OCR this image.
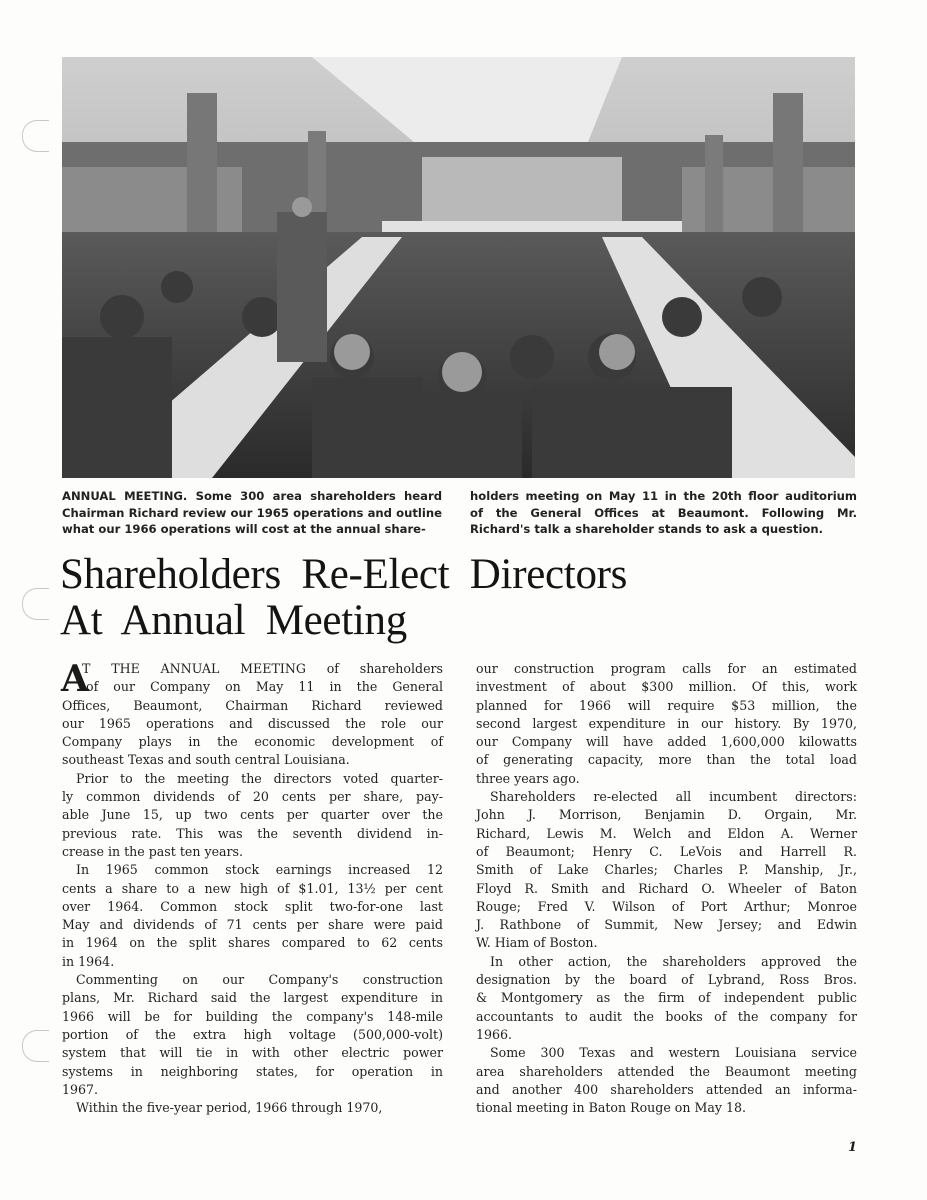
ANNUAL MEETING. Some 300 area shareholders heard
Chairman Richard review our 1965 operations and outline
what our 1966 operations will cost at the annual share-
holders meeting on May 11 in the 20th floor auditorium
of the General Offices at Beaumont. Following Mr.
Richard's talk a shareholder stands to ask a question.
Shareholders Re-Elect Directors
At Annual Meeting
A
T THE ANNUAL MEETING of shareholders
of our Company on May 11 in the General
Offices, Beaumont, Chairman Richard reviewed
our 1965 operations and discussed the role our
Company plays in the economic development of
southeast Texas and south central Louisiana.
Prior to the meeting the directors voted quarter-
ly common dividends of 20 cents per share, pay-
able June 15, up two cents per quarter over the
previous rate. This was the seventh dividend in-
crease in the past ten years.
In 1965 common stock earnings increased 12
cents a share to a new high of $1.01, 13½ per cent
over 1964. Common stock split two-for-one last
May and dividends of 71 cents per share were paid
in 1964 on the split shares compared to 62 cents
in 1964.
Commenting on our Company's construction
plans, Mr. Richard said the largest expenditure in
1966 will be for building the company's 148-mile
portion of the extra high voltage (500,000-volt)
system that will tie in with other electric power
systems in neighboring states, for operation in
1967.
Within the five-year period, 1966 through 1970,
our construction program calls for an estimated
investment of about $300 million. Of this, work
planned for 1966 will require $53 million, the
second largest expenditure in our history. By 1970,
our Company will have added 1,600,000 kilowatts
of generating capacity, more than the total load
three years ago.
Shareholders re-elected all incumbent directors:
John J. Morrison, Benjamin D. Orgain, Mr.
Richard, Lewis M. Welch and Eldon A. Werner
of Beaumont; Henry C. LeVois and Harrell R.
Smith of Lake Charles; Charles P. Manship, Jr.,
Floyd R. Smith and Richard O. Wheeler of Baton
Rouge; Fred V. Wilson of Port Arthur; Monroe
J. Rathbone of Summit, New Jersey; and Edwin
W. Hiam of Boston.
In other action, the shareholders approved the
designation by the board of Lybrand, Ross Bros.
& Montgomery as the firm of independent public
accountants to audit the books of the company for
1966.
Some 300 Texas and western Louisiana service
area shareholders attended the Beaumont meeting
and another 400 shareholders attended an informa-
tional meeting in Baton Rouge on May 18.
1
